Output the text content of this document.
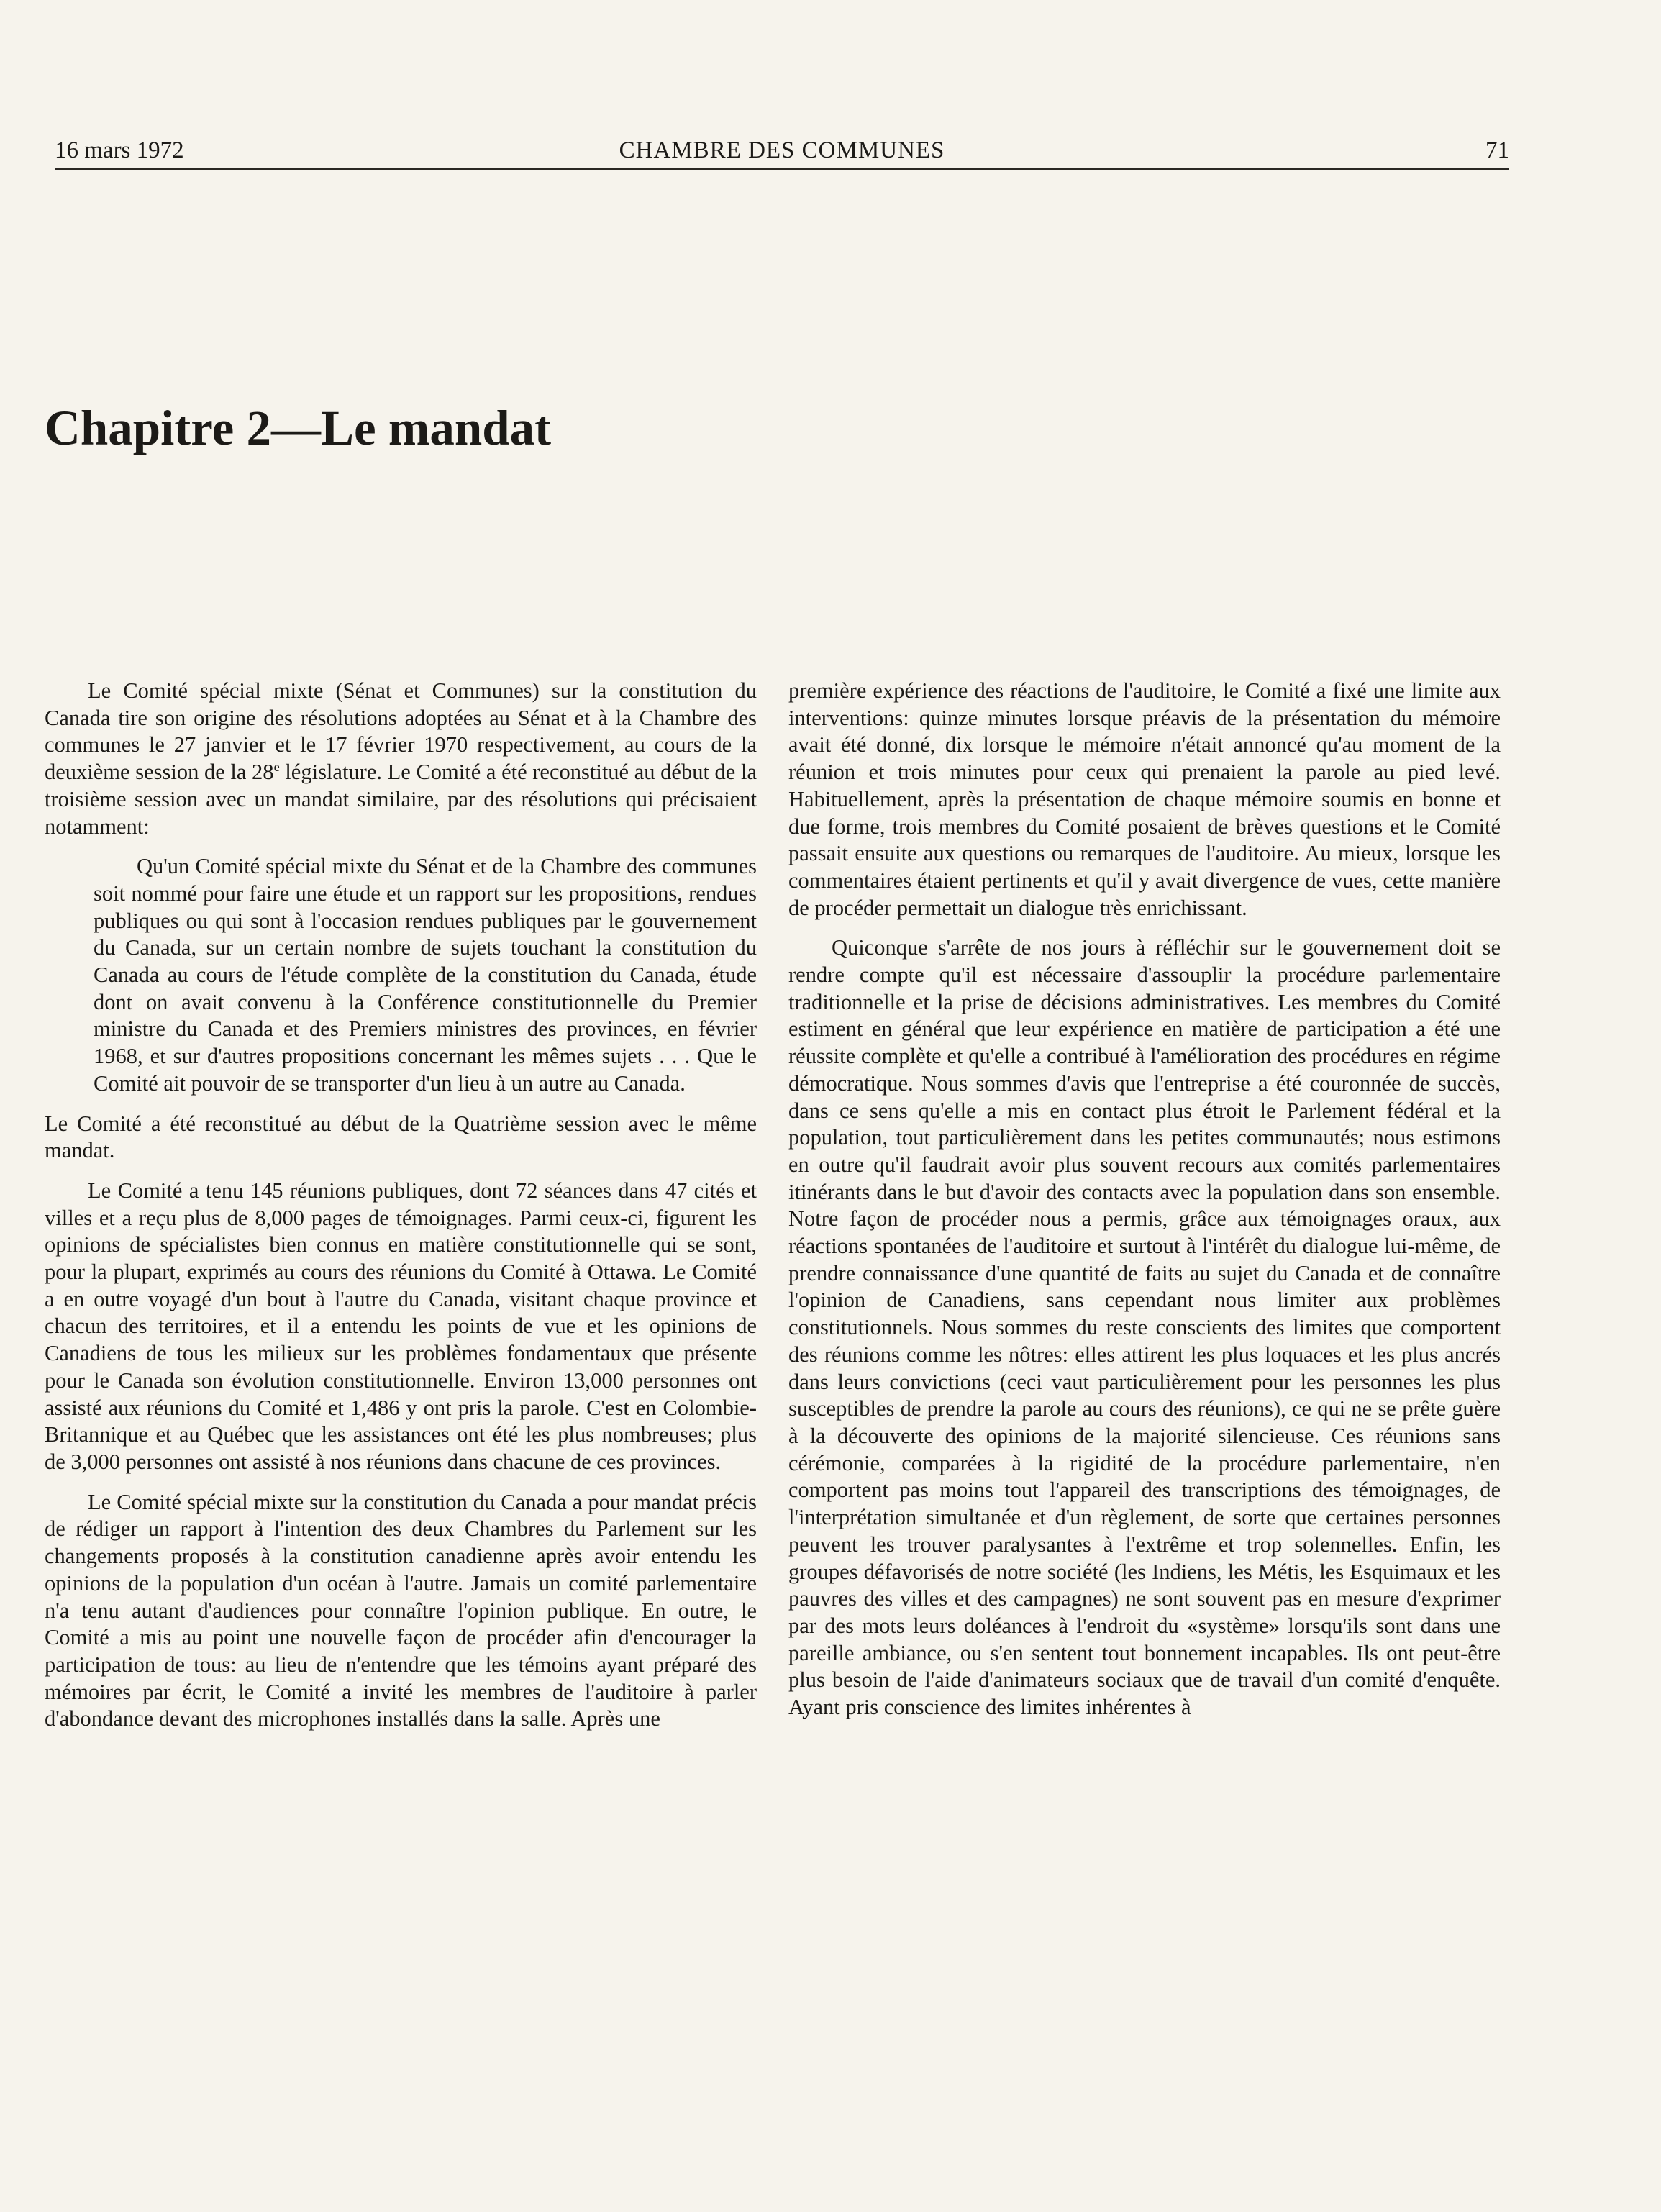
CHAMBRE DES COMMUNES
16 mars 1972	71
Chapitre 2—Le mandat

Le Comité spécial mixte (Sénat et Communes) sur la constitution du Canada tire son origine des résolutions adoptées au Sénat et à la Chambre des communes le 27 janvier et le 17 février 1970 respectivement, au cours de la deuxième session de la 28e législature. Le Comité a été reconstitué au début de la troisième session avec un mandat similaire, par des résolutions qui précisaient notamment:

Qu'un Comité spécial mixte du Sénat et de la Chambre des communes soit nommé pour faire une étude et un rapport sur les propositions, rendues publiques ou qui sont à l'occasion rendues publiques par le gouvernement du Canada, sur un certain nombre de sujets touchant la constitution du Canada au cours de l'étude complète de la constitution du Canada, étude dont on avait convenu à la Conférence constitutionnelle du Premier ministre du Canada et des Premiers ministres des provinces, en février 1968, et sur d'autres propositions concernant les mêmes sujets . . . Que le Comité ait pouvoir de se transporter d'un lieu à un autre au Canada.

Le Comité a été reconstitué au début de la Quatrième session avec le même mandat.

Le Comité a tenu 145 réunions publiques, dont 72 séances dans 47 cités et villes et a reçu plus de 8,000 pages de témoignages. Parmi ceux-ci, figurent les opinions de spécialistes bien connus en matière constitutionnelle qui se sont, pour la plupart, exprimés au cours des réunions du Comité à Ottawa. Le Comité a en outre voyagé d'un bout à l'autre du Canada, visitant chaque province et chacun des territoires, et il a entendu les points de vue et les opinions de Canadiens de tous les milieux sur les problèmes fondamentaux que présente pour le Canada son évolution constitutionnelle. Environ 13,000 personnes ont assisté aux réunions du Comité et 1,486 y ont pris la parole. C'est en Colombie-Britannique et au Québec que les assistances ont été les plus nombreuses; plus de 3,000 personnes ont assisté à nos réunions dans chacune de ces provinces.

Le Comité spécial mixte sur la constitution du Canada a pour mandat précis de rédiger un rapport à l'intention des deux Chambres du Parlement sur les changements proposés à la constitution canadienne après avoir entendu les opinions de la population d'un océan à l'autre. Jamais un comité parlementaire n'a tenu autant d'audiences pour connaître l'opinion publique. En outre, le Comité a mis au point une nouvelle façon de procéder afin d'encourager la participation de tous: au lieu de n'entendre que les témoins ayant préparé des mémoires par écrit, le Comité a invité les membres de l'auditoire à parler d'abondance devant des microphones installés dans la salle. Après une

première expérience des réactions de l'auditoire, le Comité a fixé une limite aux interventions: quinze minutes lorsque préavis de la présentation du mémoire avait été donné, dix lorsque le mémoire n'était annoncé qu'au moment de la réunion et trois minutes pour ceux qui prenaient la parole au pied levé. Habituellement, après la présentation de chaque mémoire soumis en bonne et due forme, trois membres du Comité posaient de brèves questions et le Comité passait ensuite aux questions ou remarques de l'auditoire. Au mieux, lorsque les commentaires étaient pertinents et qu'il y avait divergence de vues, cette manière de procéder permettait un dialogue très enrichissant.

Quiconque s'arrête de nos jours à réfléchir sur le gouvernement doit se rendre compte qu'il est nécessaire d'assouplir la procédure parlementaire traditionnelle et la prise de décisions administratives. Les membres du Comité estiment en général que leur expérience en matière de participation a été une réussite complète et qu'elle a contribué à l'amélioration des procédures en régime démocratique. Nous sommes d'avis que l'entreprise a été couronnée de succès, dans ce sens qu'elle a mis en contact plus étroit le Parlement fédéral et la population, tout particulièrement dans les petites communautés; nous estimons en outre qu'il faudrait avoir plus souvent recours aux comités parlementaires itinérants dans le but d'avoir des contacts avec la population dans son ensemble. Notre façon de procéder nous a permis, grâce aux témoignages oraux, aux réactions spontanées de l'auditoire et surtout à l'intérêt du dialogue lui-même, de prendre connaissance d'une quantité de faits au sujet du Canada et de connaître l'opinion de Canadiens, sans cependant nous limiter aux problèmes constitutionnels. Nous sommes du reste conscients des limites que comportent des réunions comme les nôtres: elles attirent les plus loquaces et les plus ancrés dans leurs convictions (ceci vaut particulièrement pour les personnes les plus susceptibles de prendre la parole au cours des réunions), ce qui ne se prête guère à la découverte des opinions de la majorité silencieuse. Ces réunions sans cérémonie, comparées à la rigidité de la procédure parlementaire, n'en comportent pas moins tout l'appareil des transcriptions des témoignages, de l'interprétation simultanée et d'un règlement, de sorte que certaines personnes peuvent les trouver paralysantes à l'extrême et trop solennelles. Enfin, les groupes défavorisés de notre société (les Indiens, les Métis, les Esquimaux et les pauvres des villes et des campagnes) ne sont souvent pas en mesure d'exprimer par des mots leurs doléances à l'endroit du «système» lorsqu'ils sont dans une pareille ambiance, ou s'en sentent tout bonnement incapables. Ils ont peut-être plus besoin de l'aide d'animateurs sociaux que de travail d'un comité d'enquête. Ayant pris conscience des limites inhérentes à
